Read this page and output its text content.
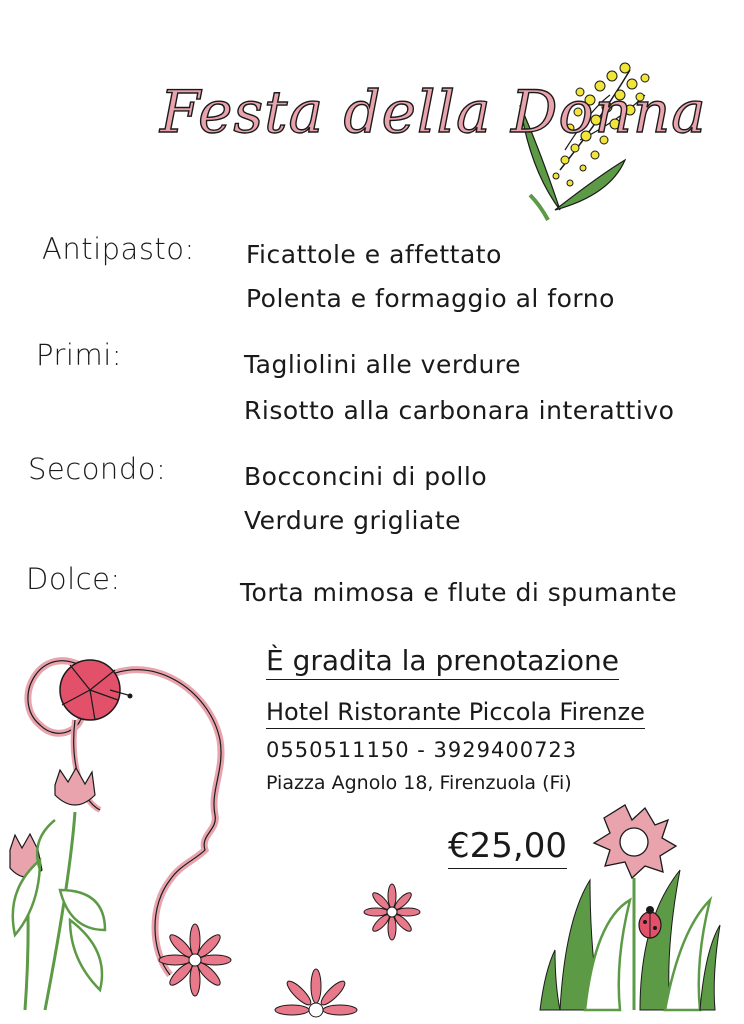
Festa della Donna
Antipasto: Ficattole e affettato
Polenta e formaggio al forno
Primi:	Tagliolini alle verdure
Risotto alla carbonara interattivo
Secondo:	Bocconcini di pollo
Verdure grigliate
Dolce:	Torta mimosa e flute di spumante
È gradita la prenotazione
Hotel Ristorante Piccola Firenze
0550511150 - 3929400723
Piazza Agnolo 18, Firenzuola (Fi)
€25,00
